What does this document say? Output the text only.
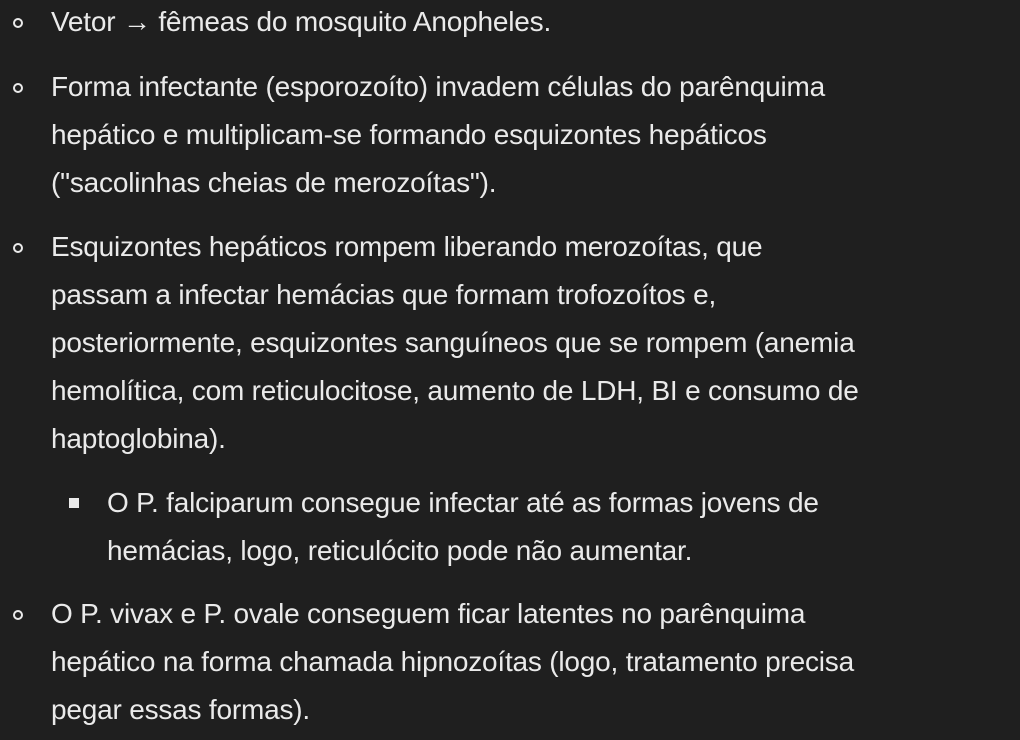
Vetor → fêmeas do mosquito Anopheles.
Forma infectante (esporozoíto) invadem células do parênquima
hepático e multiplicam-se formando esquizontes hepáticos
("sacolinhas cheias de merozoítas").
Esquizontes hepáticos rompem liberando merozoítas, que
passam a infectar hemácias que formam trofozoítos e,
posteriormente, esquizontes sanguíneos que se rompem (anemia
hemolítica, com reticulocitose, aumento de LDH, BI e consumo de
haptoglobina).
O P. falciparum consegue infectar até as formas jovens de
hemácias, logo, reticulócito pode não aumentar.
O P. vivax e P. ovale conseguem ficar latentes no parênquima
hepático na forma chamada hipnozoítas (logo, tratamento precisa
pegar essas formas).
